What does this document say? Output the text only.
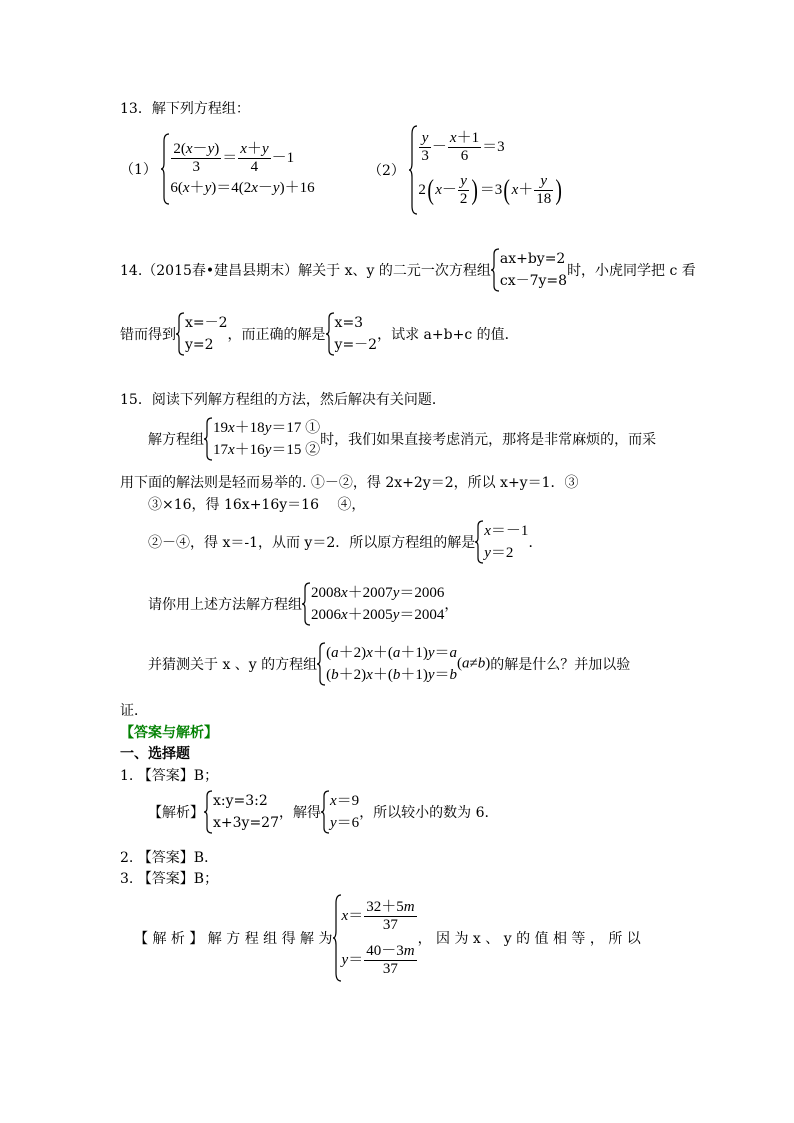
13．解下列方程组：
$(1) \frac{2(x-y)}{3} = \frac{x+y}{4} -1$
6(x＋y)＝4(2x－y)＋16
（2）
$\frac{y}{3} - \frac{x+1}{6} =3$
$2(x- \frac{y}{2} )=3(x+ \frac{y}{18}$ )
14.（2015春•建昌县期末）解关于 x、y 的二元一次方程组
ax+by=2
cx－7y=8
时，小虎同学把 c 看
错而得到
x=－2
y=2
，而正确的解是
x=3
y=－2
，试求 a+b+c 的值．
15．阅读下列解方程组的方法，然后解决有关问题．
解方程组
19x＋18y＝17 ①
17x＋16y＝15 ②
时，我们如果直接考虑消元，那将是非常麻烦的，而采
用下面的解法则是轻而易举的. ①－②，得 2x+2y＝2，所以 x+y＝1．③
③×16，得 16x+16y＝16　 ④，
②－④，得 x＝-1，从而 y＝2．所以原方程组的解是
x＝－1
y＝2
．
请你用上述方法解方程组
2008x＋2007y＝2006
2006x＋2005y＝2004
，
并猜测关于 x 、y 的方程组
(a＋2)x＋(a＋1)y＝a
(b＋2)x＋(b＋1)y＝b
(a≠b)的解是什么？并加以验
证．
【答案与解析】
一、选择题
1. 【答案】B；
【解析】
x:y=3:2
x+3y=27
，解得
x＝9
y＝6
，所以较小的数为 6.
2. 【答案】B．
3. 【答案】B；
【 解 析 】 解 方 程 组 得 解 为
$x= \frac{32+5m}{37}$
$y= \frac{40-3m}{37}$
， 因 为 x 、 y 的 值 相 等 ， 所 以
